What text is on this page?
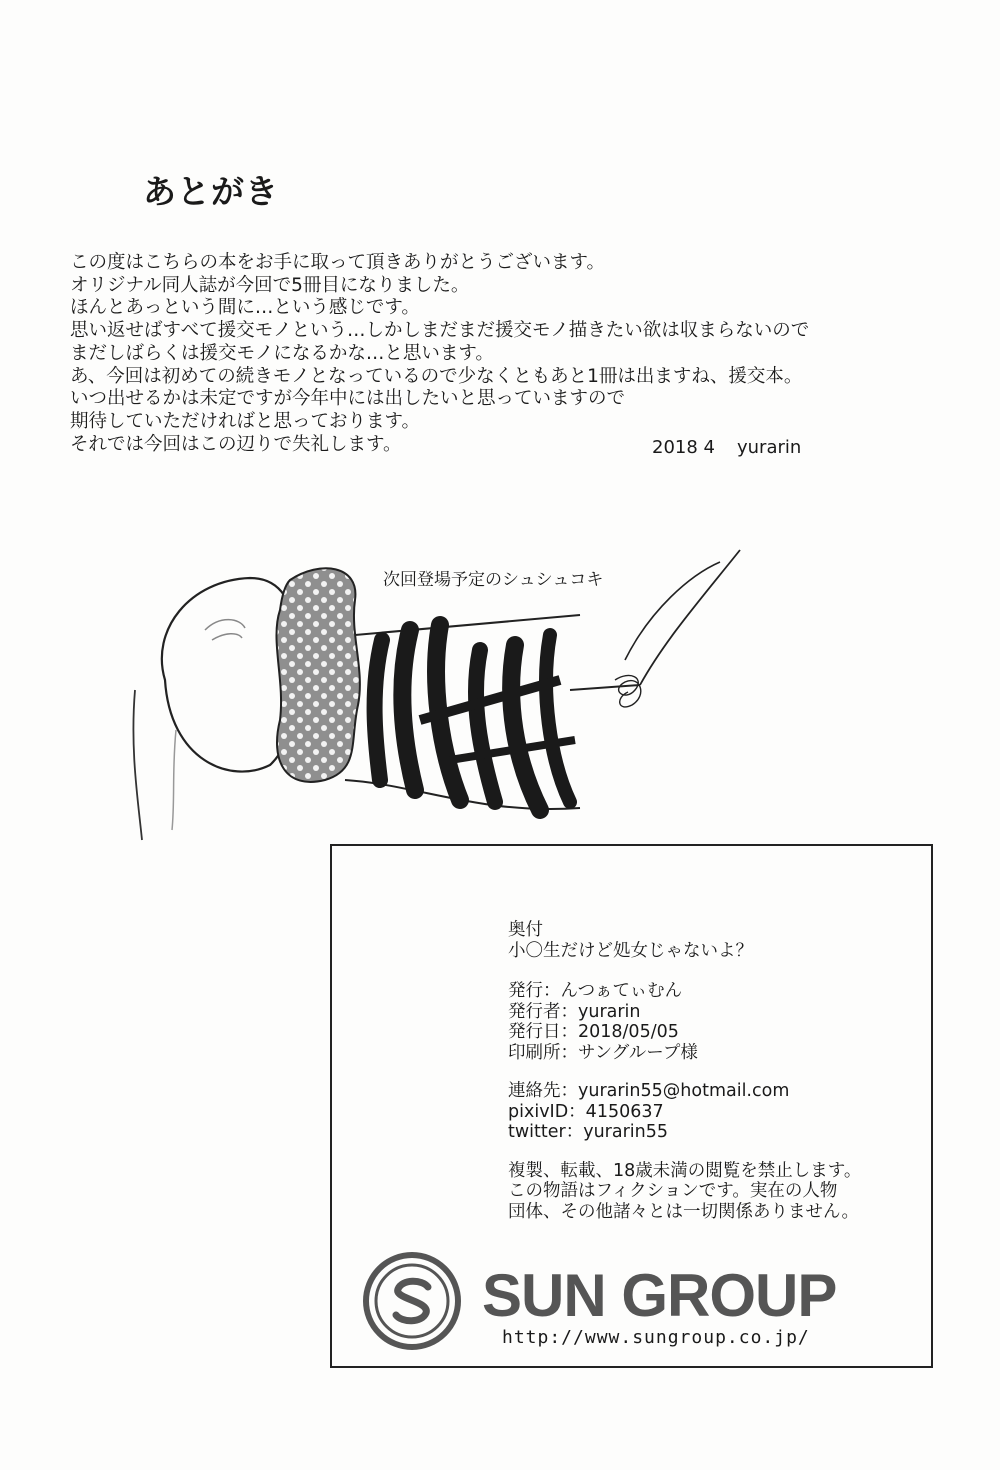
あとがき
この度はこちらの本をお手に取って頂きありがとうございます。
オリジナル同人誌が今回で5冊目になりました。
ほんとあっという間に…という感じです。
思い返せばすべて援交モノという…しかしまだまだ援交モノ描きたい欲は収まらないので
まだしばらくは援交モノになるかな…と思います。
あ、今回は初めての続きモノとなっているので少なくともあと1冊は出ますね、援交本。
いつ出せるかは未定ですが今年中には出したいと思っていますので
期待していただければと思っております。
それでは今回はこの辺りで失礼します。	2018 4 yurarin
次回登場予定のシュシュコキ
奥付
小〇生だけど処女じゃないよ？
発行：んつぁてぃむん
発行者：yurarin
発行日：2018/05/05
印刷所：サングループ様
連絡先：yurarin55@hotmail.com
pixivID：4150637
twitter：yurarin55
複製、転載、18歳未満の閲覧を禁止します。
この物語はフィクションです。実在の人物
団体、その他諸々とは一切関係ありません。
SUN GROUP
http://www.sungroup.co.jp/
